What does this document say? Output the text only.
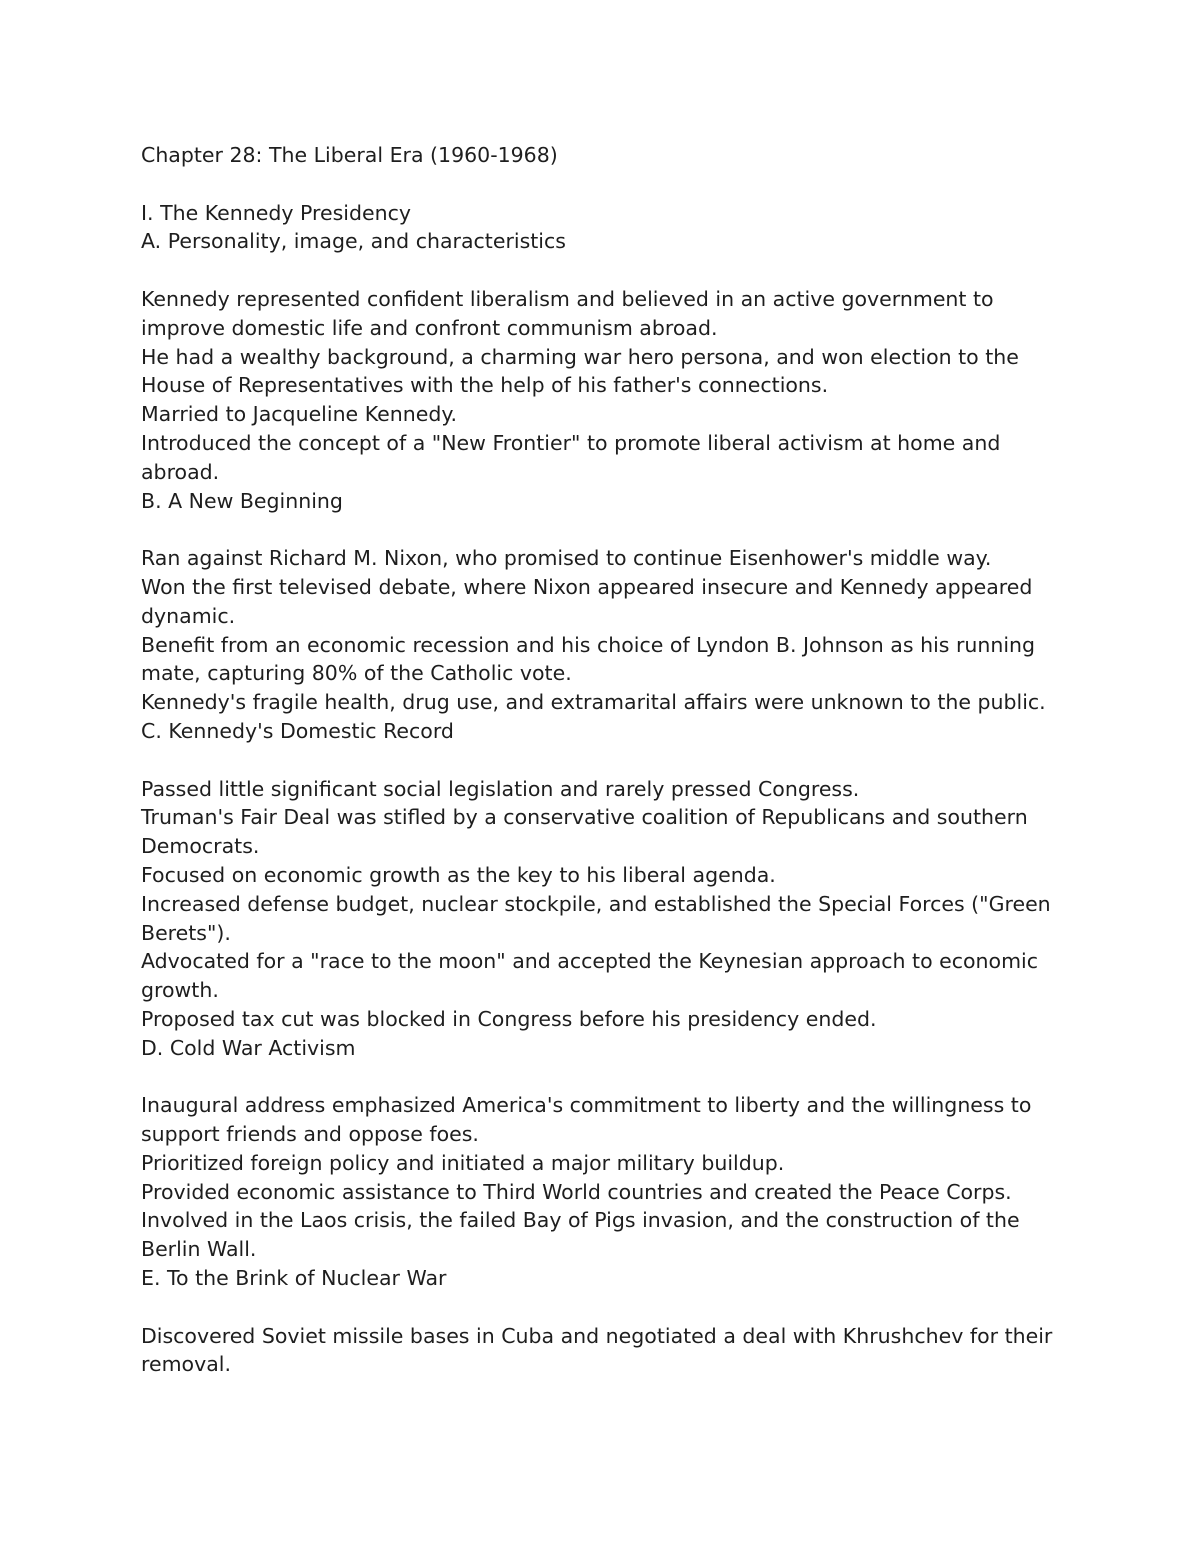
Chapter 28: The Liberal Era (1960-1968)

I. The Kennedy Presidency

A. Personality, image, and characteristics

Kennedy represented confident liberalism and believed in an active government to improve domestic life and confront communism abroad.

He had a wealthy background, a charming war hero persona, and won election to the House of Representatives with the help of his father's connections.

Married to Jacqueline Kennedy.

Introduced the concept of a "New Frontier" to promote liberal activism at home and abroad.

B. A New Beginning

Ran against Richard M. Nixon, who promised to continue Eisenhower's middle way.

Won the first televised debate, where Nixon appeared insecure and Kennedy appeared dynamic.

Benefit from an economic recession and his choice of Lyndon B. Johnson as his running mate, capturing 80% of the Catholic vote.

Kennedy's fragile health, drug use, and extramarital affairs were unknown to the public.

C. Kennedy's Domestic Record

Passed little significant social legislation and rarely pressed Congress.

Truman's Fair Deal was stifled by a conservative coalition of Republicans and southern Democrats.

Focused on economic growth as the key to his liberal agenda.

Increased defense budget, nuclear stockpile, and established the Special Forces ("Green Berets").

Advocated for a "race to the moon" and accepted the Keynesian approach to economic growth.

Proposed tax cut was blocked in Congress before his presidency ended.

D. Cold War Activism

Inaugural address emphasized America's commitment to liberty and the willingness to support friends and oppose foes.

Prioritized foreign policy and initiated a major military buildup.

Provided economic assistance to Third World countries and created the Peace Corps.

Involved in the Laos crisis, the failed Bay of Pigs invasion, and the construction of the Berlin Wall.

E. To the Brink of Nuclear War

Discovered Soviet missile bases in Cuba and negotiated a deal with Khrushchev for their removal.
